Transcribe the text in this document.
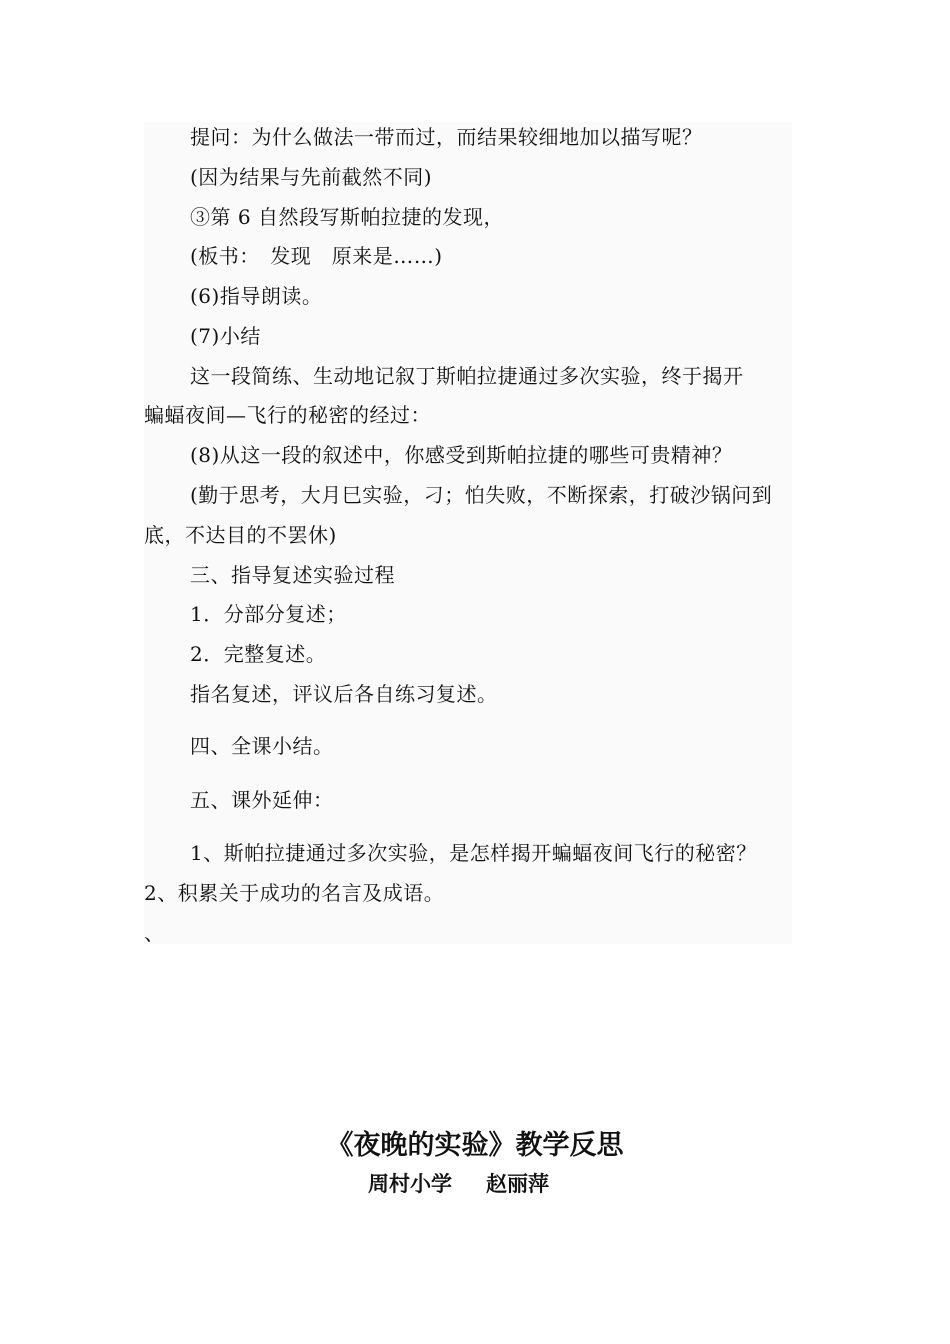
提问：为什么做法一带而过，而结果较细地加以描写呢？
(因为结果与先前截然不同)
③第 6 自然段写斯帕拉捷的发现，
(板书：　发现　原来是……)
(6)指导朗读。
(7)小结
这一段简练、生动地记叙丁斯帕拉捷通过多次实验，终于揭开
蝙蝠夜间—飞行的秘密的经过：
(8)从这一段的叙述中，你感受到斯帕拉捷的哪些可贵精神？
(勤于思考，大月巳实验，刁；怕失败，不断探索，打破沙锅问到
底，不达目的不罢休)
三、指导复述实验过程
1．分部分复述；
2．完整复述。
指名复述，评议后各自练习复述。
四、全课小结。
五、课外延伸：
1、斯帕拉捷通过多次实验，是怎样揭开蝙蝠夜间飞行的秘密？
2、积累关于成功的名言及成语。
、
《夜晚的实验》教学反思
周村小学 赵丽萍
